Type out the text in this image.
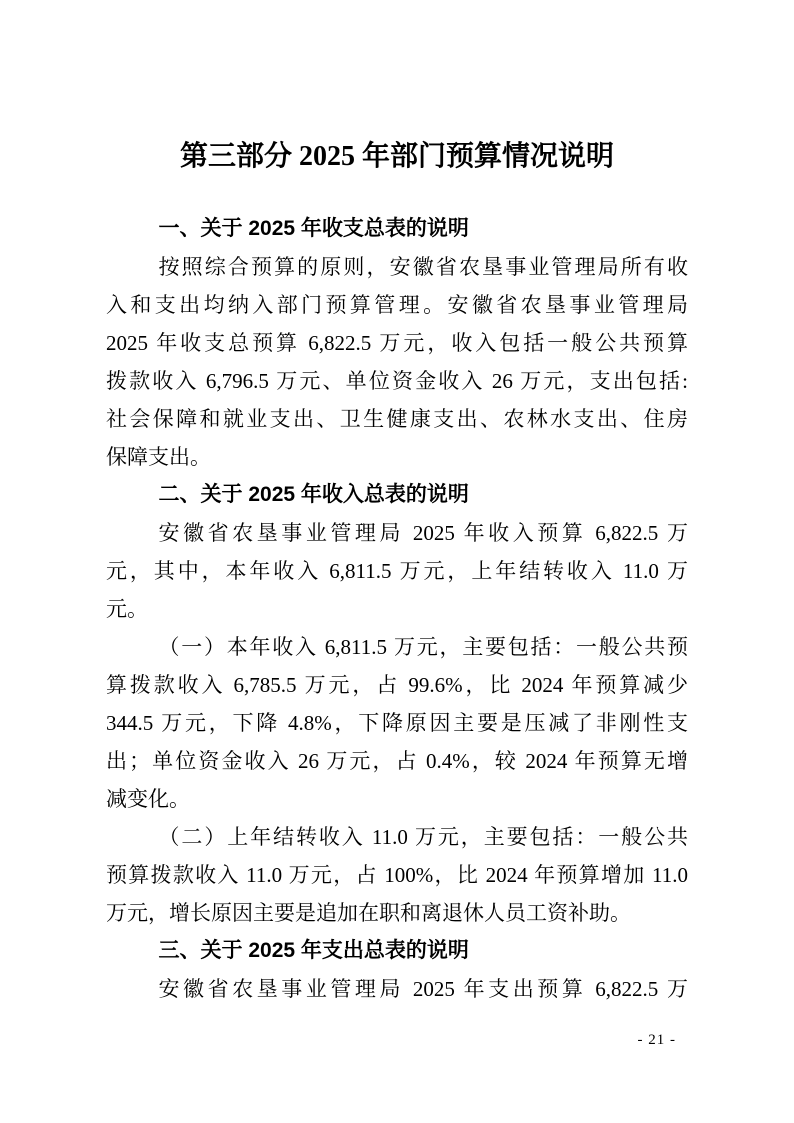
第三部分 2025 年部门预算情况说明
一、关于 2025 年收支总表的说明
按照综合预算的原则，安徽省农垦事业管理局所有收
入和支出均纳入部门预算管理。安徽省农垦事业管理局
2025 年收支总预算 6,822.5 万元，收入包括一般公共预算
拨款收入 6,796.5 万元、单位资金收入 26 万元，支出包括:
社会保障和就业支出、卫生健康支出、农林水支出、住房
保障支出。
二、关于 2025 年收入总表的说明
安徽省农垦事业管理局 2025 年收入预算 6,822.5 万
元，其中，本年收入 6,811.5 万元，上年结转收入 11.0 万
元。
（一）本年收入 6,811.5 万元，主要包括：一般公共预
算拨款收入 6,785.5 万元，占 99.6%，比 2024 年预算减少
344.5 万元，下降 4.8%，下降原因主要是压减了非刚性支
出；单位资金收入 26 万元，占 0.4%，较 2024 年预算无增
减变化。
（二）上年结转收入 11.0 万元，主要包括：一般公共
预算拨款收入 11.0 万元，占 100%，比 2024 年预算增加 11.0
万元，增长原因主要是追加在职和离退休人员工资补助。
三、关于 2025 年支出总表的说明
安徽省农垦事业管理局 2025 年支出预算 6,822.5 万
- 21 -
